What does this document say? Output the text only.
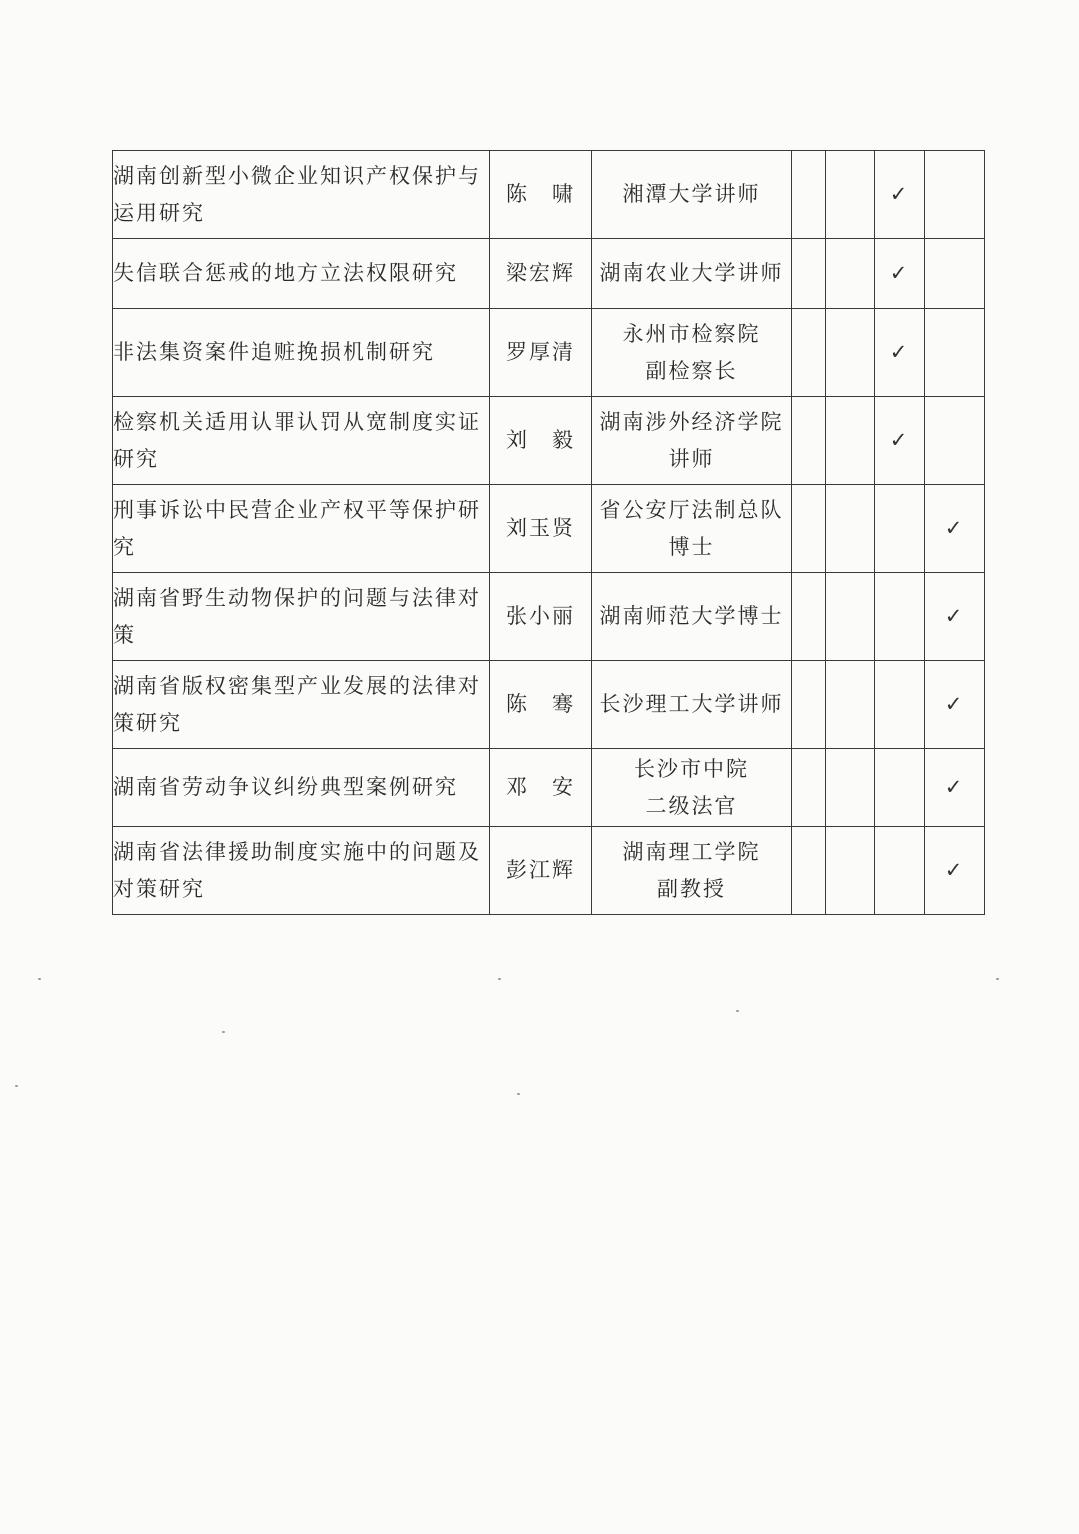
湖南创新型小微企业知识产权保护与运用研究	陈　啸	湘潭大学讲师			✓	
失信联合惩戒的地方立法权限研究	梁宏辉	湖南农业大学讲师			✓	
非法集资案件追赃挽损机制研究	罗厚清	永州市检察院
副检察长			✓	
检察机关适用认罪认罚从宽制度实证研究	刘　毅	湖南涉外经济学院
讲师			✓	
刑事诉讼中民营企业产权平等保护研究	刘玉贤	省公安厅法制总队
博士				✓
湖南省野生动物保护的问题与法律对策	张小丽	湖南师范大学博士				✓
湖南省版权密集型产业发展的法律对策研究	陈　骞	长沙理工大学讲师				✓
湖南省劳动争议纠纷典型案例研究	邓　安	长沙市中院
二级法官				✓
湖南省法律援助制度实施中的问题及对策研究	彭江辉	湖南理工学院
副教授				✓
